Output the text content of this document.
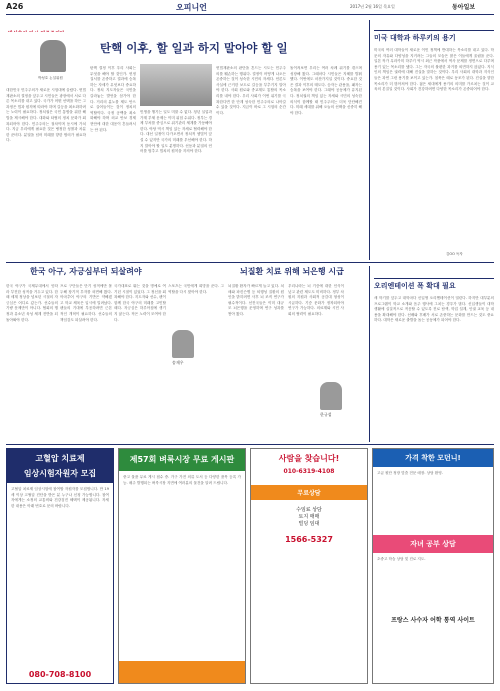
A26	오피니언	2017년 2월 16일 목요일	동아일보
박성호 논설위원
대한민국 민주주의가 새로운 시험대에 올랐다. 헌법 재판소의 결정을 앞두고 시민들은 광장에서 서로 다른 목소리를 내고 있다. 국가가 어떤 선택을 하든 그 과정은 법과 원칙에 따라야 하며 갈등을 최소화하려는 노력이 필요하다. 정치권은 국민 통합을 위한 해법을 제시해야 한다. 대화와 타협의 정치 문화가 회복되어야 한다. 민주주의는 절차이며 동시에 가치다. 지금 우리에게 필요한 것은 냉정한 성찰과 차분한 준비다. 분열을 넘어 미래를 향한 합의가 필요하다.
탄핵 이후, 할 일과 하지 말아야 할 일
탄핵 결정 이후 우리 사회는 무엇을 해야 할 것인가. 헌정 질서를 존중하고 결과에 승복하는 자세가 무엇보다 중요하다. 정치 지도자들은 국민을 갈라놓는 발언을 삼가야 한다. 거리의 분노를 제도 안으로 끌어들이는 것이 정치의 역할이다. 국정 공백을 최소화해야 하며 외교 안보 경제 현안에 대한 대응이 흔들려서는 안 된다.
민생을 챙기는 일도 미룰 수 없다. 청년 실업과 가계 부채 문제는 이미 위험 수위다. 정부는 경제 부처를 중심으로 위기관리 체계를 가동해야 한다. 야당 역시 책임 있는 자세로 협력해야 한다. 대선 일정이 다가오면서 정치적 셈법이 앞설 수 있지만 국가의 미래를 우선해야 한다. 하지 말아야 할 일도 분명하다. 선동과 분열의 언어를 멈추고 법치의 원칙을 지켜야 한다.
헌법재판소의 판단을 흔드는 시도는 민주주의를 훼손하는 행위다. 결정이 어떻게 나오든 존중하는 것이 성숙한 시민의 자세다. 언론도 사실에 근거한 보도로 갈등을 부추기지 말아야 한다. 사회 원로와 종교계도 통합의 목소리를 내야 한다. 우리 사회가 이번 위기를 극복한다면 한 단계 성숙한 민주주의로 나아갈 수 있을 것이다. 지금이 바로 그 시험의 순간이다.
돌이켜보면 우리는 여러 차례 위기를 겪으며 성장해 왔다. 그때마다 시민들은 지혜를 발휘했다. 이번에도 마찬가지일 것이다. 중요한 것은 결과 이후의 태도다. 승자는 관용을, 패자는 승복을 보여야 한다. 그래야 공동체가 유지된다. 정치권의 책임 있는 자세와 시민의 성숙한 의식이 함께할 때 민주주의는 더욱 단단해진다. 미래 세대를 위해 오늘의 선택을 신중히 해야 한다.
미국 대학과 하루키의 용기
미국의 여러 대학들이 새로운 이민 정책에 반대하는 목소리를 내고 있다. 학문의 자유와 다양성을 지키려는 그들의 모습은 많은 이들에게 울림을 준다. 일본 작가 무라카미 하루키 역시 최근 작품에서 역사 문제를 정면으로 다루며 용기 있는 목소리를 냈다. 그는 자국의 불편한 과거를 외면하지 않았다. 지식인의 책임은 권력에 대해 진실을 말하는 것이다. 우리 사회의 대학과 지식인들은 과연 그런 용기를 보이고 있는가. 침묵은 때로 동조가 된다. 진실을 향한 목소리가 더 많아져야 한다. 젊은 세대에게 용기의 의미를 가르치는 것이 교육의 본질일 것이다. 사회가 건강하려면 다양한 목소리가 존중되어야 한다.
김OO 독자
한국 아구, 자긍심부터 되살려야	뇌질환 치료 위해 뇌은행 시급
한국 야구가 국제무대에서 잇따라 부진한 성적을 거두고 있다. 한때 세계 정상을 넘보던 시절의 자긍심은 어디로 갔는가. 선수들의 기량 문제만이 아니다. 협회의 행정과 유소년 육성 체계 전반을 되돌아봐야 한다.
프로 구단들은 단기 성적에만 몰두해 장기적 투자를 외면해 왔다. 아마추어 야구의 기반은 약해졌고 학교 체육은 입시에 밀려났다. 팬들의 기대에 부응하려면 근본적인 개혁이 필요하다. 선수들의 책임감도 되살려야 한다.
국가대표로 뛰는 것을 명예로 여기던 시절이 있었다. 그 정신을 회복해야 한다. 지도자와 선수, 팬이 함께 한국 야구의 미래를 고민할 때다. 자긍심은 하루아침에 생기지 않는다. 작은 노력이 모여야 한다.
송재우
스포츠는 국민에게 희망을 준다. 그 역할을 다시 찾아야 한다.
뇌질환 환자가 빠르게 늘고 있다. 치매와 파킨슨병 등 퇴행성 질환의 원인을 밝히려면 사후 뇌 조직 연구가 필수적이다. 선진국들은 이미 대규모 뇌은행을 운영하며 연구 성과를 쌓아 왔다.
우리나라는 뇌 기증에 대한 인식이 낮고 관련 제도도 미비하다. 정부 차원의 지원과 사회적 공감대 형성이 시급하다. 기증 문화가 정착되어야 연구가 가능하다. 의료계와 시민 사회의 협력이 필요하다.
한규섭
오리엔테이션 폭 확대 필요
새 학기를 앞두고 대학마다 신입생 오리엔테이션이 열린다. 하지만 대부분의 프로그램이 학교 소개와 음주 행사에 그치는 경우가 많다. 신입생들이 대학 생활에 실질적으로 적응할 수 있도록 진로 탐색, 학업 설계, 인권 교육 등 내용을 확대해야 한다. 선배와 후배가 서로 존중하는 문화를 만드는 것도 중요하다. 대학은 새로운 출발을 돕는 공동체가 되어야 한다.
고혈압 치료제
임상시험자원자 모집
고혈압 치료제 임상시험에 참여할 자원자를 모집합니다. 만 19세 이상 고혈압 진단을 받은 분 누구나 신청 가능합니다. 참여자에게는 소정의 교통비와 건강검진 혜택이 제공됩니다. 자세한 내용은 아래 번호로 문의 바랍니다.
080-708-8100
제57회 벼룩시장 무료 게시판
중고 물품 무료 게시 접수 중. 가구 가전 의류 도서 등 다양한 품목 등록 가능. 매주 발행되는 벼룩시장 지면에 여러분의 물건을 알려 드립니다.
사람을 찾습니다!
010-6319-4108
무료상담
수임료 상담
토지 매매
빌딩 임대
1566-5327
가격 착한 모던니!
고급 원단 정장 맞춤 전문 매장. 상담 환영.
자녀 공부 상담
초중고 학습 상담 및 진로 지도.
프랑스 사수자 어학 통역 사이트
